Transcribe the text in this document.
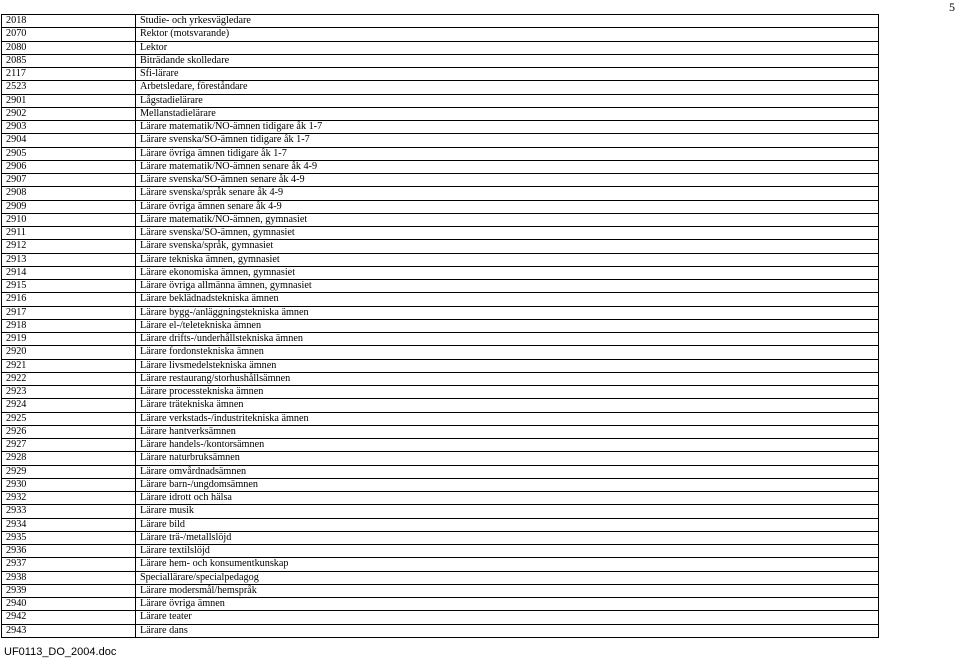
5
2018	Studie- och yrkesvägledare
2070	Rektor (motsvarande)
2080	Lektor
2085	Biträdande skolledare
2117	Sfi-lärare
2523	Arbetsledare, föreståndare
2901	Lågstadielärare
2902	Mellanstadielärare
2903	Lärare matematik/NO-ämnen tidigare åk 1-7
2904	Lärare svenska/SO-ämnen tidigare åk 1-7
2905	Lärare övriga ämnen tidigare åk 1-7
2906	Lärare matematik/NO-ämnen senare åk 4-9
2907	Lärare svenska/SO-ämnen senare åk 4-9
2908	Lärare svenska/språk senare åk 4-9
2909	Lärare övriga ämnen senare åk 4-9
2910	Lärare matematik/NO-ämnen, gymnasiet
2911	Lärare svenska/SO-ämnen, gymnasiet
2912	Lärare svenska/språk, gymnasiet
2913	Lärare tekniska ämnen, gymnasiet
2914	Lärare ekonomiska ämnen, gymnasiet
2915	Lärare övriga allmänna ämnen, gymnasiet
2916	Lärare beklädnadstekniska ämnen
2917	Lärare bygg-/anläggningstekniska ämnen
2918	Lärare el-/teletekniska ämnen
2919	Lärare drifts-/underhållstekniska ämnen
2920	Lärare fordonstekniska ämnen
2921	Lärare livsmedelstekniska ämnen
2922	Lärare restaurang/storhushållsämnen
2923	Lärare processtekniska ämnen
2924	Lärare trätekniska ämnen
2925	Lärare verkstads-/industritekniska ämnen
2926	Lärare hantverksämnen
2927	Lärare handels-/kontorsämnen
2928	Lärare naturbruksämnen
2929	Lärare omvårdnadsämnen
2930	Lärare barn-/ungdomsämnen
2932	Lärare idrott och hälsa
2933	Lärare musik
2934	Lärare bild
2935	Lärare trä-/metallslöjd
2936	Lärare textilslöjd
2937	Lärare hem- och konsumentkunskap
2938	Speciallärare/specialpedagog
2939	Lärare modersmål/hemspråk
2940	Lärare övriga ämnen
2942	Lärare teater
2943	Lärare dans
UF0113_DO_2004.doc
